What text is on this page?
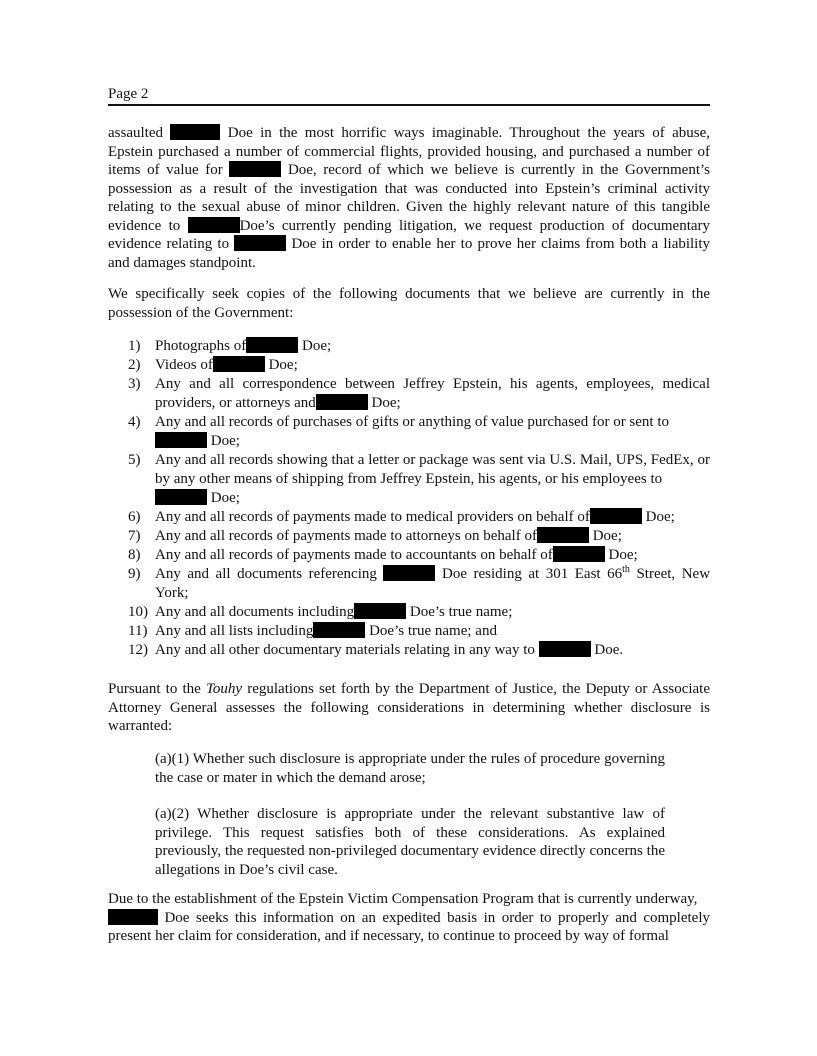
Page 2

assaulted	Doe in the most horrific ways imaginable. Throughout the years of abuse, Epstein purchased a number of commercial flights, provided housing, and purchased a number of items of value for	Doe, record of which we believe is currently in the Government’s possession as a result of the investigation that was conducted into Epstein’s criminal activity relating to the sexual abuse of minor children. Given the highly relevant nature of this tangible evidence to	Doe’s currently pending litigation, we request production of documentary evidence relating to	Doe in order to enable her to prove her claims from both a liability and damages standpoint.

We specifically seek copies of the following documents that we believe are currently in the possession of the Government:

1) Photographs of	Doe;
2) Videos of	Doe;
3) Any and all correspondence between Jeffrey Epstein, his agents, employees, medical providers, or attorneys and	Doe;
4) Any and all records of purchases of gifts or anything of value purchased for or sent to
Doe;
5) Any and all records showing that a letter or package was sent via U.S. Mail, UPS, FedEx, or by any other means of shipping from Jeffrey Epstein, his agents, or his employees to
Doe;
6) Any and all records of payments made to medical providers on behalf of	Doe;
7) Any and all records of payments made to attorneys on behalf of	Doe;
8) Any and all records of payments made to accountants on behalf of	Doe;
9) Any and all documents referencing	Doe residing at 301 East 66th Street, New York;
10) Any and all documents including	Doe’s true name;
11) Any and all lists including	Doe’s true name; and
12) Any and all other documentary materials relating in any way to	Doe.

Pursuant to the Touhy regulations set forth by the Department of Justice, the Deputy or Associate Attorney General assesses the following considerations in determining whether disclosure is warranted:

(a)(1) Whether such disclosure is appropriate under the rules of procedure governing the case or mater in which the demand arose;

(a)(2) Whether disclosure is appropriate under the relevant substantive law of privilege. This request satisfies both of these considerations. As explained previously, the requested non-privileged documentary evidence directly concerns the allegations in Doe’s civil case.

Due to the establishment of the Epstein Victim Compensation Program that is currently underway,
Doe seeks this information on an expedited basis in order to properly and completely present her claim for consideration, and if necessary, to continue to proceed by way of formal
